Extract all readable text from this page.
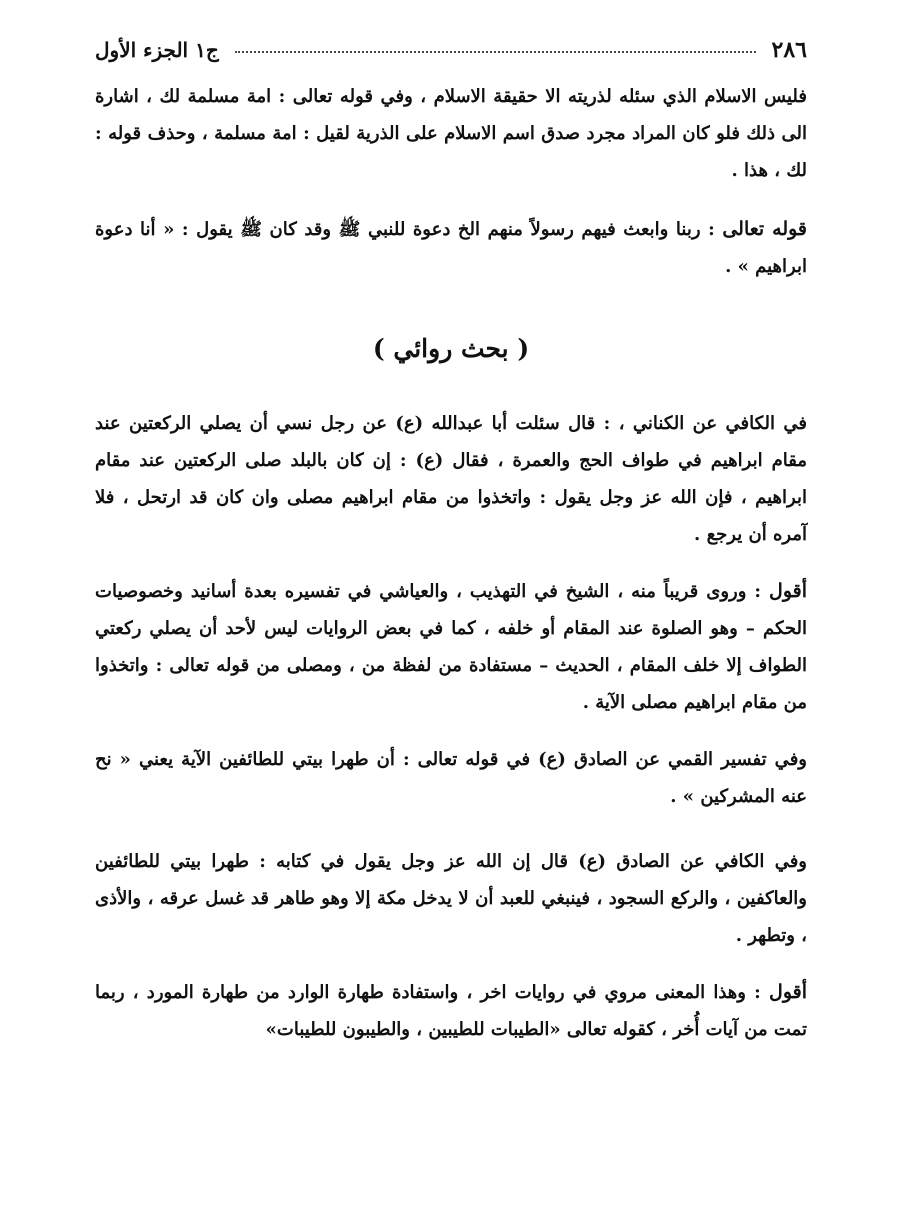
٢٨٦
ج١ الجزء الأول

فليس الاسلام الذي سئله لذريته الا حقيقة الاسلام ، وفي قوله تعالى : امة مسلمة لك ، اشارة الى ذلك فلو كان المراد مجرد صدق اسم الاسلام على الذرية لقيل : امة مسلمة ، وحذف قوله : لك ، هذا .

قوله تعالى : ربنا وابعث فيهم رسولاً منهم الخ دعوة للنبي ﷺ وقد كان ﷺ يقول : « أنا دعوة ابراهيم » .

( بحث روائي )

في الكافي عن الكناني ، : قال سئلت أبا عبدالله (ع) عن رجل نسي أن يصلي الركعتين عند مقام ابراهيم في طواف الحج والعمرة ، فقال (ع) : إن كان بالبلد صلى الركعتين عند مقام ابراهيم ، فإن الله عز وجل يقول : واتخذوا من مقام ابراهيم مصلى وان كان قد ارتحل ، فلا آمره أن يرجع .

أقول : وروى قريباً منه ، الشيخ في التهذيب ، والعياشي في تفسيره بعدة أسانيد وخصوصيات الحكم – وهو الصلوة عند المقام أو خلفه ، كما في بعض الروايات ليس لأحد أن يصلي ركعتي الطواف إلا خلف المقام ، الحديث – مستفادة من لفظة من ، ومصلى من قوله تعالى : واتخذوا من مقام ابراهيم مصلى الآية .

وفي تفسير القمي عن الصادق (ع) في قوله تعالى : أن طهرا بيتي للطائفين الآية يعني « نح عنه المشركين » .

وفي الكافي عن الصادق (ع) قال إن الله عز وجل يقول في كتابه : طهرا بيتي للطائفين والعاكفين ، والركع السجود ، فينبغي للعبد أن لا يدخل مكة إلا وهو طاهر قد غسل عرقه ، والأذى ، وتطهر .

أقول : وهذا المعنى مروي في روايات اخر ، واستفادة طهارة الوارد من طهارة المورد ، ربما تمت من آيات أُخر ، كقوله تعالى «الطيبات للطيبين ، والطيبون للطيبات»
